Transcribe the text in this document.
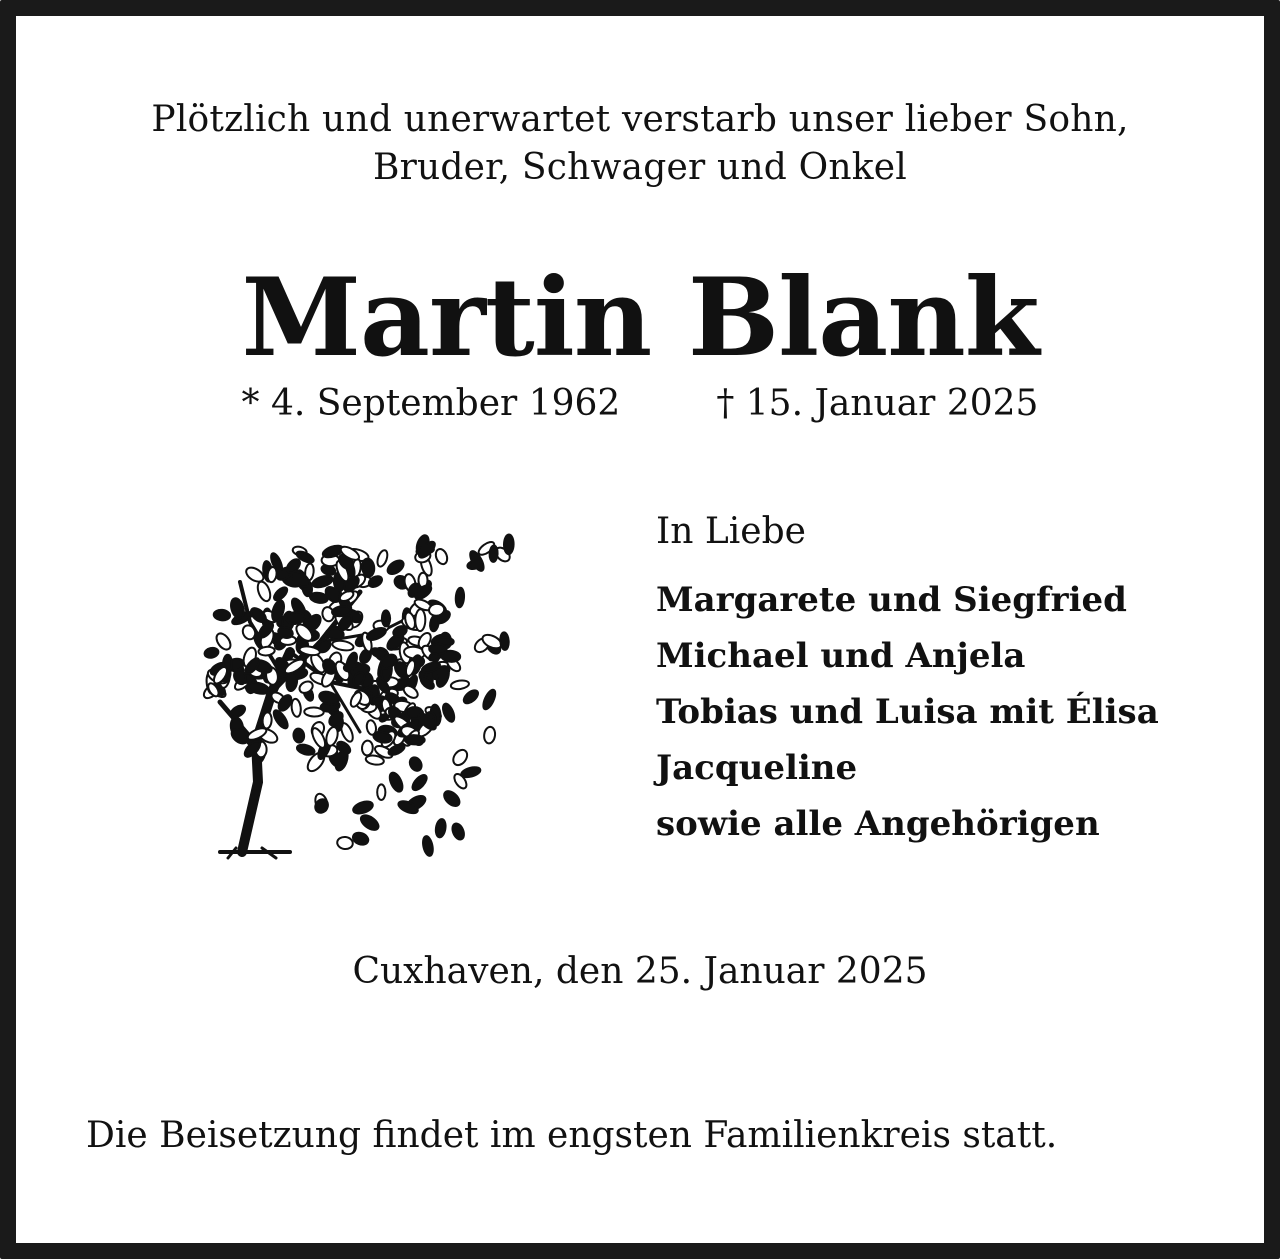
Plötzlich und unerwartet verstarb unser lieber Sohn,
Bruder, Schwager und Onkel
Martin Blank
* 4. September 1962	† 15. Januar 2025
In Liebe
Margarete und Siegfried
Michael und Anjela
Tobias und Luisa mit Élisa
Jacqueline
sowie alle Angehörigen
Cuxhaven, den 25. Januar 2025
Die Beisetzung findet im engsten Familienkreis statt.
